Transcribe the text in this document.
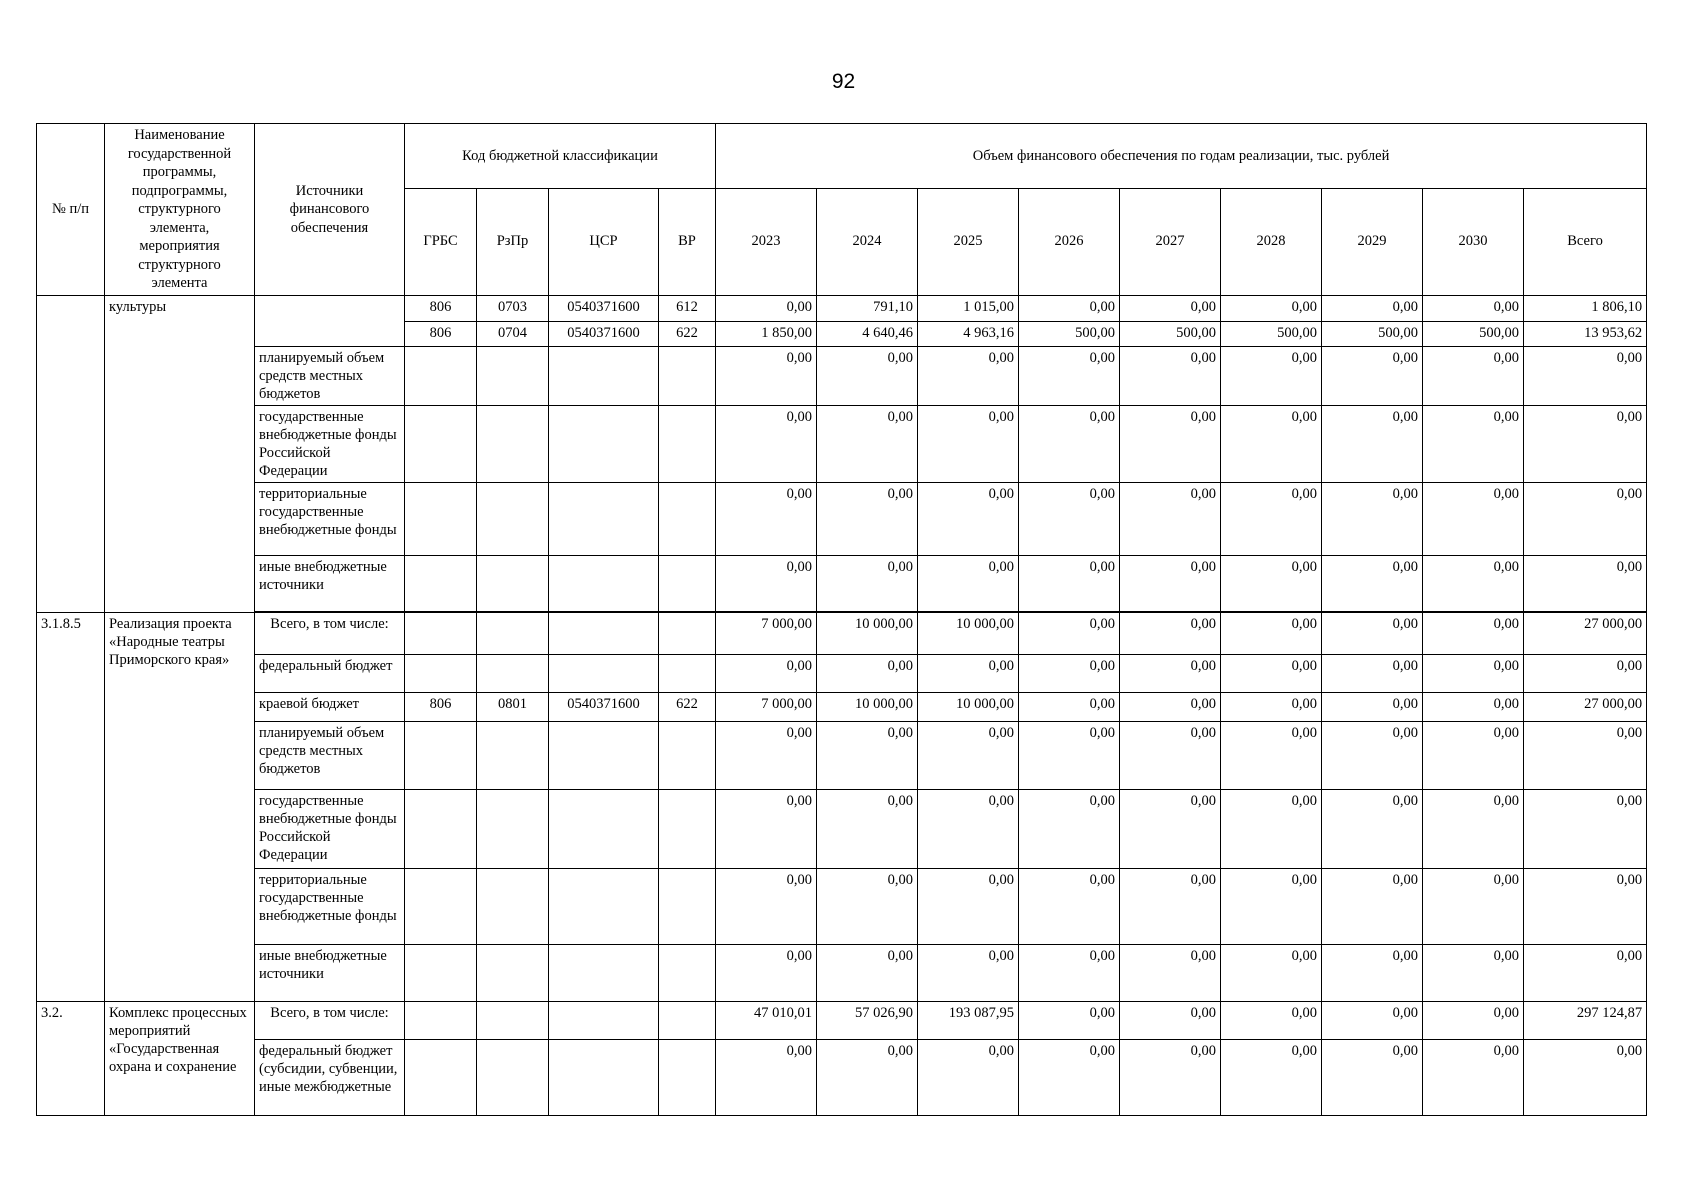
92
№ п/п	Наименование государственной программы, подпрограммы, структурного элемента, мероприятия структурного элемента	Источники финансового обеспечения	Код бюджетной классификации				Объем финансового обеспечения по годам реализации, тыс. рублей								
			ГРБС	РзПр	ЦСР	ВР	2023	2024	2025	2026	2027	2028	2029	2030	Всего
	культуры		806	0703	0540371600	612	0,00	791,10	1 015,00	0,00	0,00	0,00	0,00	0,00	1 806,10
			806	0704	0540371600	622	1 850,00	4 640,46	4 963,16	500,00	500,00	500,00	500,00	500,00	13 953,62
		планируемый объем средств местных бюджетов					0,00	0,00	0,00	0,00	0,00	0,00	0,00	0,00	0,00
		государственные внебюджетные фонды Российской Федерации					0,00	0,00	0,00	0,00	0,00	0,00	0,00	0,00	0,00
		территориальные государственные внебюджетные фонды					0,00	0,00	0,00	0,00	0,00	0,00	0,00	0,00	0,00
		иные внебюджетные источники					0,00	0,00	0,00	0,00	0,00	0,00	0,00	0,00	0,00

3.1.8.5	Реализация проекта «Народные театры Приморского края»	Всего, в том числе:					7 000,00	10 000,00	10 000,00	0,00	0,00	0,00	0,00	0,00	27 000,00
		федеральный бюджет					0,00	0,00	0,00	0,00	0,00	0,00	0,00	0,00	0,00
		краевой бюджет	806	0801	0540371600	622	7 000,00	10 000,00	10 000,00	0,00	0,00	0,00	0,00	0,00	27 000,00
		планируемый объем средств местных бюджетов					0,00	0,00	0,00	0,00	0,00	0,00	0,00	0,00	0,00
		государственные внебюджетные фонды Российской Федерации					0,00	0,00	0,00	0,00	0,00	0,00	0,00	0,00	0,00
		территориальные государственные внебюджетные фонды					0,00	0,00	0,00	0,00	0,00	0,00	0,00	0,00	0,00
		иные внебюджетные источники					0,00	0,00	0,00	0,00	0,00	0,00	0,00	0,00	0,00
3.2.	Комплекс процессных мероприятий «Государственная охрана и сохранение	Всего, в том числе:					47 010,01	57 026,90	193 087,95	0,00	0,00	0,00	0,00	0,00	297 124,87
		федеральный бюджет (субсидии, субвенции, иные межбюджетные					0,00	0,00	0,00	0,00	0,00	0,00	0,00	0,00	0,00
